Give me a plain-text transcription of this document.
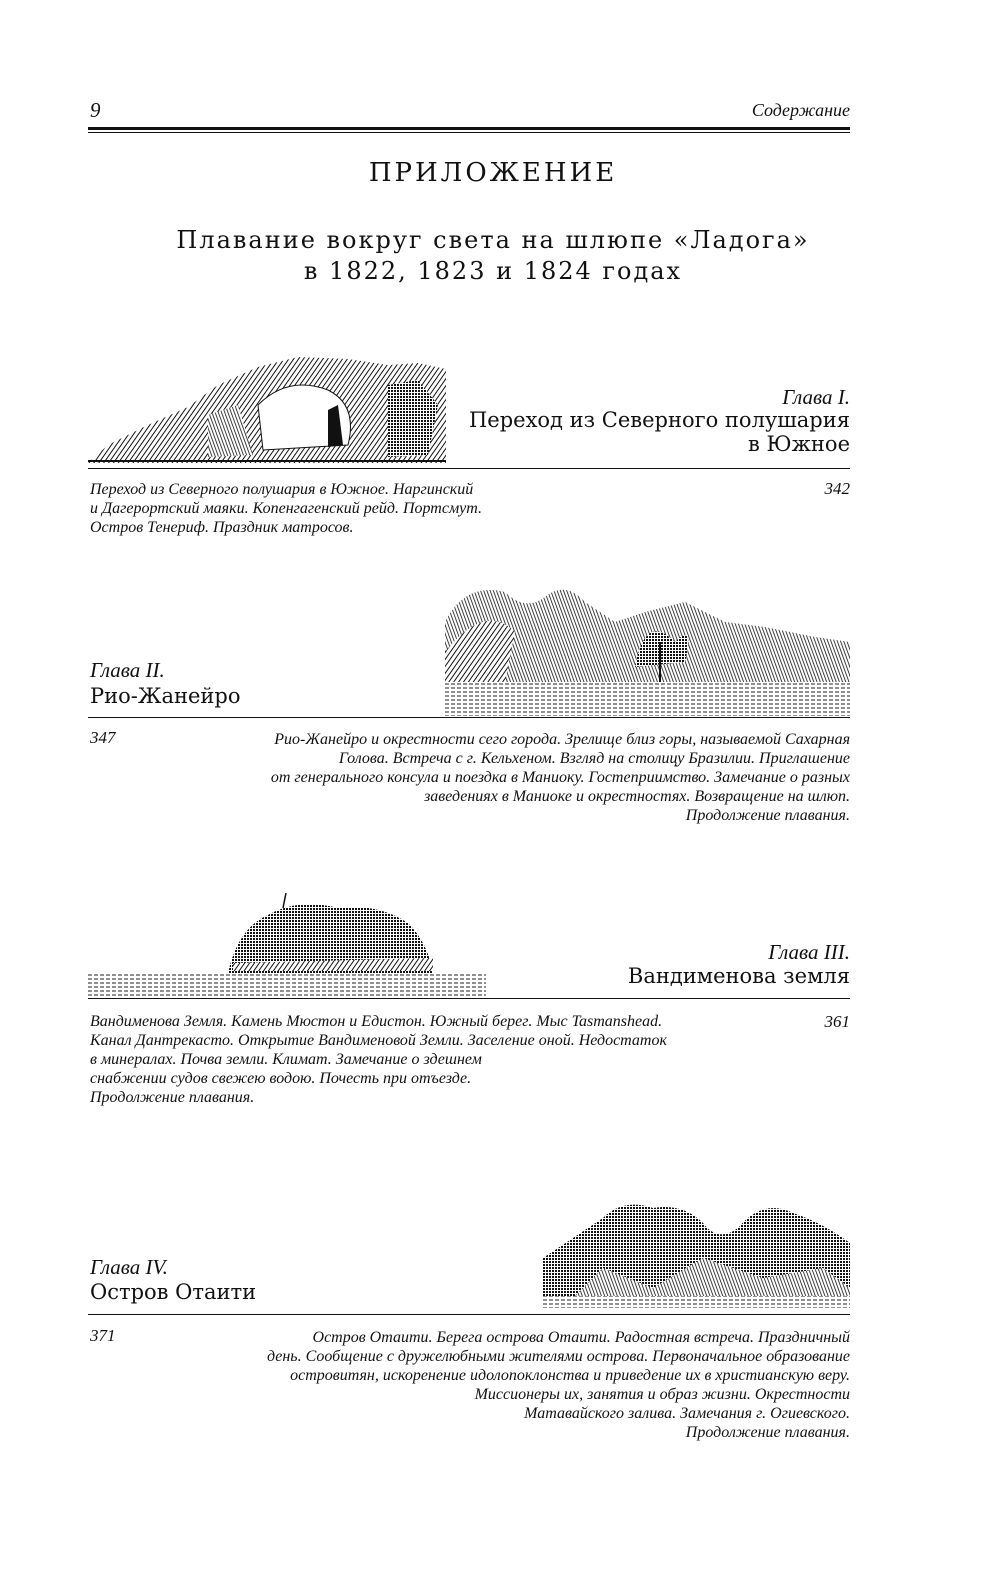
9	Содержание
ПРИЛОЖЕНИЕ
Плавание вокруг света на шлюпе «Ладога»
в 1822, 1823 и 1824 годах
Глава I.
Переход из Северного полушария
в Южное
Переход из Северного полушария в Южное. Наргинский
и Дагерортский маяки. Копенгагенский рейд. Портсмут.
Остров Тенериф. Праздник матросов.
342
Глава II.
Рио-Жанейро
347	Рио-Жанейро и окрестности сего города. Зрелище близ горы, называемой Сахарная
Голова. Встреча с г. Кельхеном. Взгляд на столицу Бразилии. Приглашение
от генерального консула и поездка в Маниоку. Гостеприимство. Замечание о разных
заведениях в Маниоке и окрестностях. Возвращение на шлюп.
Продолжение плавания.
Глава III.
Вандименова земля
Вандименова Земля. Камень Мюстон и Едистон. Южный берег. Мыс Tasmanshead.
Канал Дантрекасто. Открытие Вандименовой Земли. Заселение оной. Недостаток
в минералах. Почва земли. Климат. Замечание о здешнем
снабжении судов свежею водою. Почесть при отъезде.
Продолжение плавания.
361
Глава IV.
Остров Отаити
371	Остров Отаити. Берега острова Отаити. Радостная встреча. Праздничный
день. Сообщение с дружелюбными жителями острова. Первоначальное образование
островитян, искоренение идолопоклонства и приведение их в христианскую веру.
Миссионеры их, занятия и образ жизни. Окрестности
Матавайского залива. Замечания г. Огиевского.
Продолжение плавания.
